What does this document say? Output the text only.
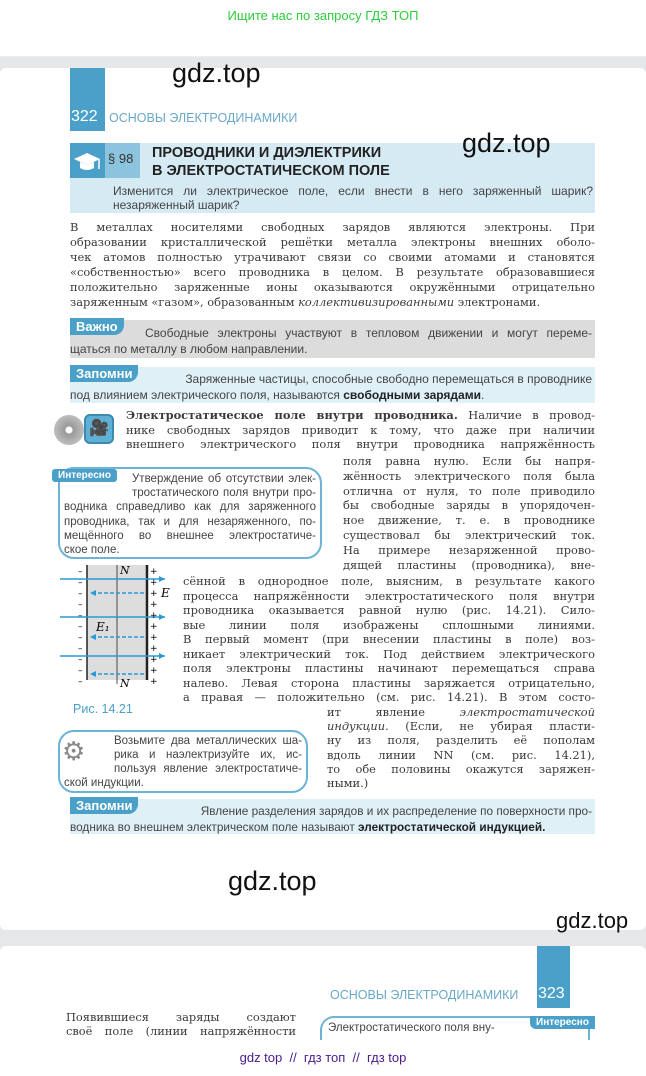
Ищите нас по запросу ГДЗ ТОП
gdz.top
322 ОСНОВЫ ЭЛЕКТРОДИНАМИКИ
§ 98 ПРОВОДНИКИ И ДИЭЛЕКТРИКИ
В ЭЛЕКТРОСТАТИЧЕСКОМ ПОЛЕ
Изменится ли электрическое поле, если внести в него заряженный шарик?
незаряженный шарик?
gdz.top
В металлах носителями свободных зарядов являются электроны. При
образовании кристаллической решётки металла электроны внешних оболо-
чек атомов полностью утрачивают связи со своими атомами и становятся
«собственностью» всего проводника в целом. В результате образовавшиеся
положительно заряженные ионы оказываются окружёнными отрицательно
заряженным «газом», образованным коллективизированными электронами.
Важно	Свободные электроны участвуют в тепловом движении и могут переме-
щаться по металлу в любом направлении.
Запомни	Заряженные частицы, способные свободно перемещаться в проводнике
под влиянием электрического поля, называются свободными зарядами.
🎥
Электростатическое поле внутри проводника. Наличие в провод-
нике свободных зарядов приводит к тому, что даже при наличии
внешнего электрического поля внутри проводника напряжённость
Интересно	Утверждение об отсутствии элек-
тростатического поля внутри про-
водника справедливо как для заряженного
проводника, так и для незаряженного, по-
мещённого во внешнее электростатиче-
ское поле.
поля равна нулю. Если бы напря-
жённость электрического поля была
отлична от нуля, то поле приводило
бы свободные заряды в упорядочен-
ное движение, т. е. в проводнике
существовал бы электрический ток.
На примере незаряженной прово-
дящей пластины (проводника), вне-
сённой в однородное поле, выясним, в результате какого
процесса напряжённости электростатического поля внутри
проводника оказывается равной нулю (рис. 14.21). Сило-
вые линии поля изображены сплошными линиями.
В первый момент (при внесении пластины в поле) воз-
никает электрический ток. Под действием электрического
поля электроны пластины начинают перемещаться справа
налево. Левая сторона пластины заряжается отрицательно,
а правая — положительно (см. рис. 14.21). В этом состо-
ит явление электростатической
индукции. (Если, не убирая пласти-
ну из поля, разделить её пополам
вдоль линии NN (см. рис. 14.21),
то обе половины окажутся заряжен-
ными.)
N
N
E
E₁
–	+
–	+
–	+
–	+
–	+
–	+
–	+
–	+
–	+
–	+
–	+
Рис. 14.21
⚙	Возьмите два металлических ша-
рика и наэлектризуйте их, ис-
пользуя явление электростатиче-
ской индукции.
Запомни	Явление разделения зарядов и их распределение по поверхности про-
водника во внешнем электрическом поле называют электростатической индукцией.
gdz.top
gdz.top
323
ОСНОВЫ ЭЛЕКТРОДИНАМИКИ
Появившиеся заряды создают
своё поле (линии напряжённости	Электростатического поля вну-	Интересно
gdz top  //  гдз топ  //  гдз top
